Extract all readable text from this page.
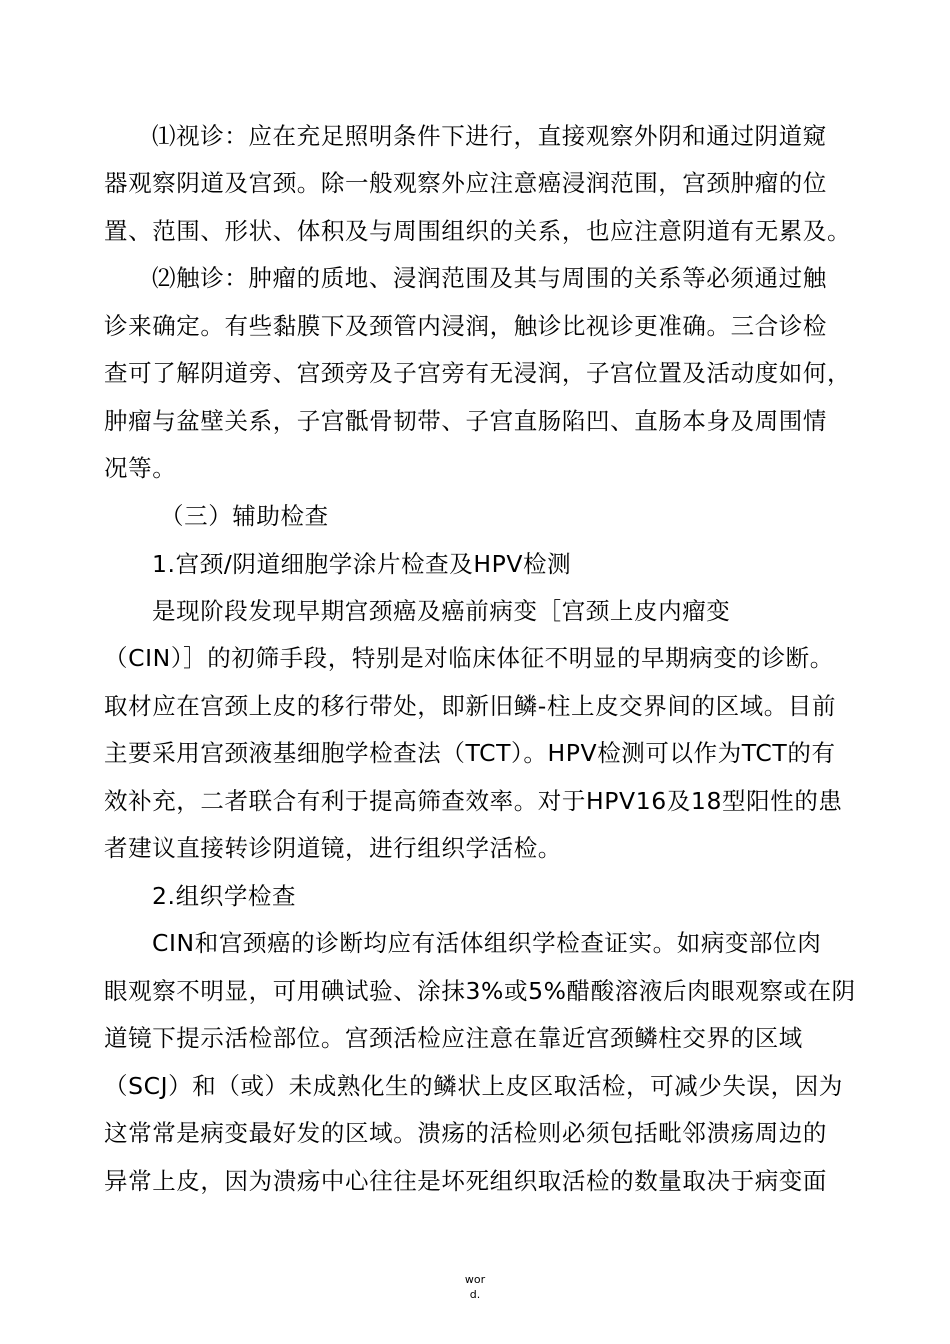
⑴视诊：应在充足照明条件下进行，直接观察外阴和通过阴道窥
器观察阴道及宫颈。除一般观察外应注意癌浸润范围，宫颈肿瘤的位
置、范围、形状、体积及与周围组织的关系，也应注意阴道有无累及。
⑵触诊：肿瘤的质地、浸润范围及其与周围的关系等必须通过触
诊来确定。有些黏膜下及颈管内浸润，触诊比视诊更准确。三合诊检
查可了解阴道旁、宫颈旁及子宫旁有无浸润，子宫位置及活动度如何，
肿瘤与盆壁关系，子宫骶骨韧带、子宫直肠陷凹、直肠本身及周围情
况等。
（三）辅助检查
1.宫颈/阴道细胞学涂片检查及HPV检测
是现阶段发现早期宫颈癌及癌前病变［宫颈上皮内瘤变
（CIN）］的初筛手段，特别是对临床体征不明显的早期病变的诊断。
取材应在宫颈上皮的移行带处，即新旧鳞-柱上皮交界间的区域。目前
主要采用宫颈液基细胞学检查法（TCT）。HPV检测可以作为TCT的有
效补充，二者联合有利于提高筛查效率。对于HPV16及18型阳性的患
者建议直接转诊阴道镜，进行组织学活检。
2.组织学检查
CIN和宫颈癌的诊断均应有活体组织学检查证实。如病变部位肉
眼观察不明显，可用碘试验、涂抹3%或5%醋酸溶液后肉眼观察或在阴
道镜下提示活检部位。宫颈活检应注意在靠近宫颈鳞柱交界的区域
（SCJ）和（或）未成熟化生的鳞状上皮区取活检，可减少失误，因为
这常常是病变最好发的区域。溃疡的活检则必须包括毗邻溃疡周边的
异常上皮，因为溃疡中心往往是坏死组织取活检的数量取决于病变面
wor
d.
